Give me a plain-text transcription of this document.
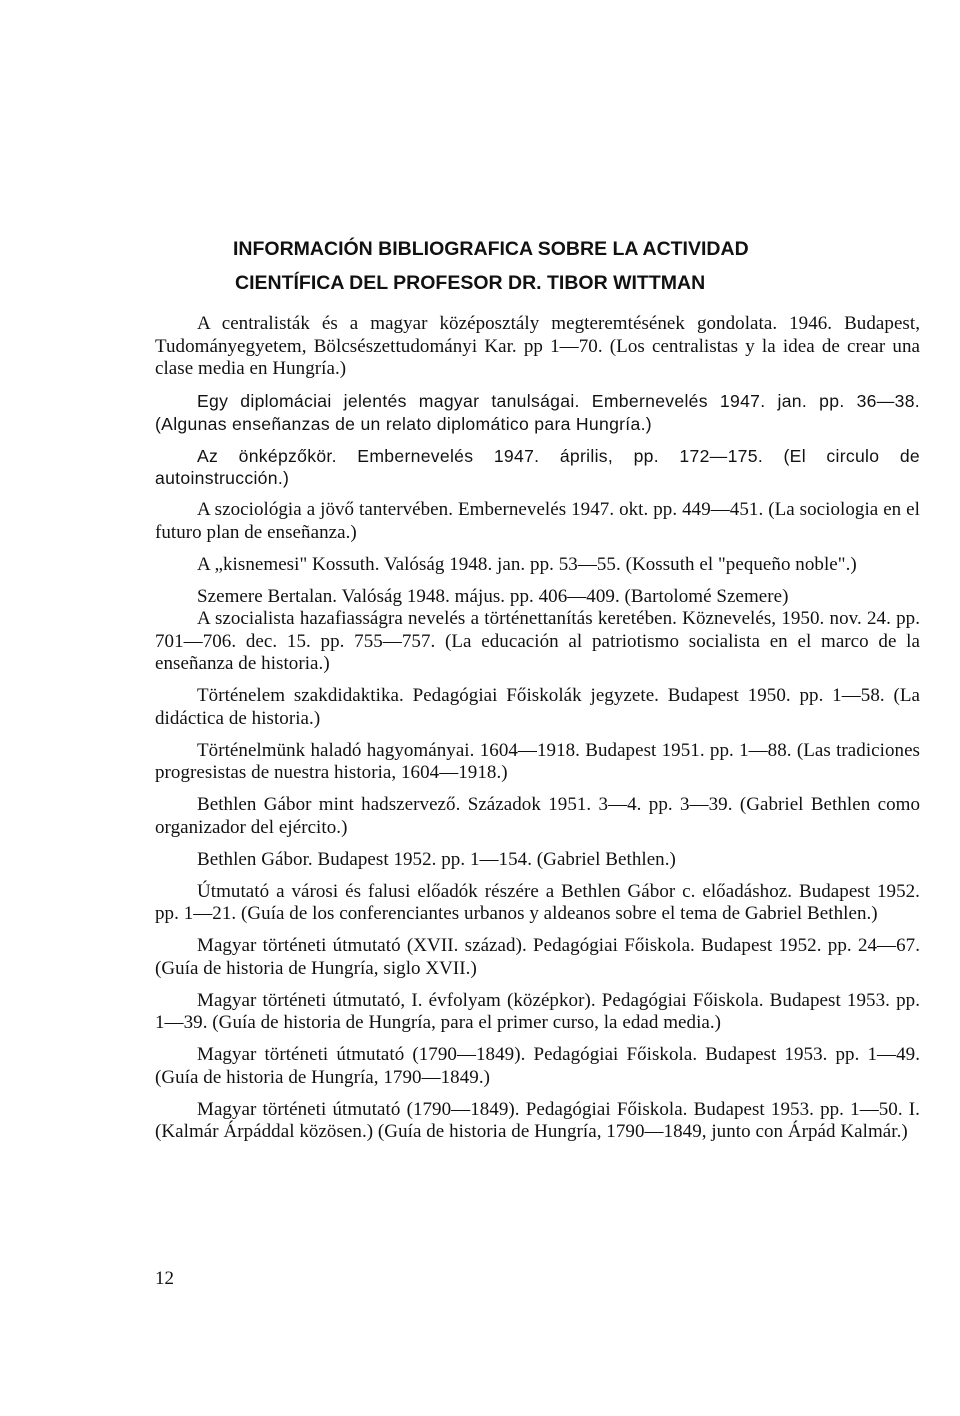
INFORMACIÓN BIBLIOGRAFICA SOBRE LA ACTIVIDAD
CIENTÍFICA DEL PROFESOR DR. TIBOR WITTMAN

A centralisták és a magyar középosztály megteremtésének gondolata. 1946. Budapest, Tudományegyetem, Bölcsészettudományi Kar. pp 1—70. (Los centralistas y la idea de crear una clase media en Hungría.)

Egy diplomáciai jelentés magyar tanulságai. Embernevelés 1947. jan. pp. 36—38. (Algunas enseñanzas de un relato diplomático para Hungría.)

Az önképzőkör. Embernevelés 1947. április, pp. 172—175. (El circulo de autoinstrucción.)

A szociológia a jövő tantervében. Embernevelés 1947. okt. pp. 449—451. (La sociologia en el futuro plan de enseñanza.)

A „kisnemesi" Kossuth. Valóság 1948. jan. pp. 53—55. (Kossuth el "pequeño noble".)

Szemere Bertalan. Valóság 1948. május. pp. 406—409. (Bartolomé Szemere)

A szocialista hazafiasságra nevelés a történettanítás keretében. Köznevelés, 1950. nov. 24. pp. 701—706. dec. 15. pp. 755—757. (La educación al patriotismo socialista en el marco de la enseñanza de historia.)

Történelem szakdidaktika. Pedagógiai Főiskolák jegyzete. Budapest 1950. pp. 1—58. (La didáctica de historia.)

Történelmünk haladó hagyományai. 1604—1918. Budapest 1951. pp. 1—88. (Las tradiciones progresistas de nuestra historia, 1604—1918.)

Bethlen Gábor mint hadszervező. Századok 1951. 3—4. pp. 3—39. (Gabriel Bethlen como organizador del ejército.)

Bethlen Gábor. Budapest 1952. pp. 1—154. (Gabriel Bethlen.)

Útmutató a városi és falusi előadók részére a Bethlen Gábor c. előadáshoz. Budapest 1952. pp. 1—21. (Guía de los conferenciantes urbanos y aldeanos sobre el tema de Gabriel Bethlen.)

Magyar történeti útmutató (XVII. század). Pedagógiai Főiskola. Budapest 1952. pp. 24—67. (Guía de historia de Hungría, siglo XVII.)

Magyar történeti útmutató, I. évfolyam (középkor). Pedagógiai Főiskola. Budapest 1953. pp. 1—39. (Guía de historia de Hungría, para el primer curso, la edad media.)

Magyar történeti útmutató (1790—1849). Pedagógiai Főiskola. Budapest 1953. pp. 1—49. (Guía de historia de Hungría, 1790—1849.)

Magyar történeti útmutató (1790—1849). Pedagógiai Főiskola. Budapest 1953. pp. 1—50. I. (Kalmár Árpáddal közösen.) (Guía de historia de Hungría, 1790—1849, junto con Árpád Kalmár.)

12
